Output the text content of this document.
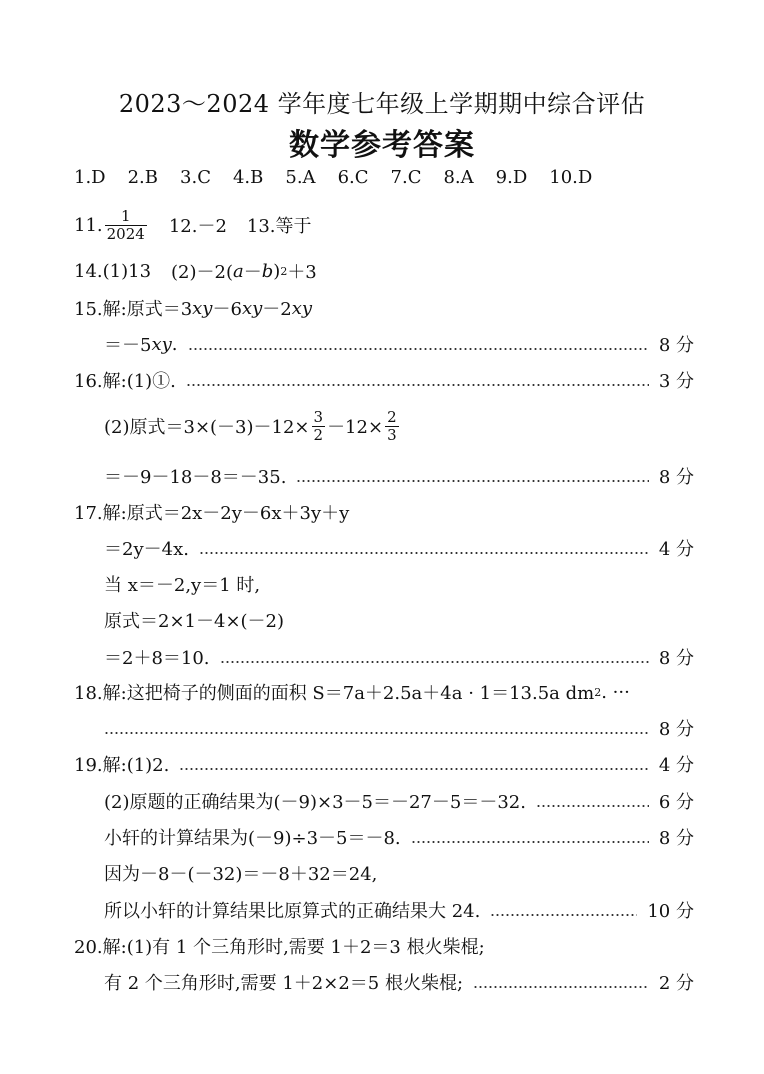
2023～2024 学年度七年级上学期期中综合评估
数学参考答案
1.D 2.B 3.C 4.B 5.A 6.C 7.C 8.A 9.D 10.D
11. $\frac{1}{2024} 12.-2$ 13.等于
14.(1)13 (2)－2( a － b ) 2 ＋3
15.解:原式＝3 xy －6 xy －2 xy
＝－5 xy .	8 分
16.解:(1)①.	3 分
(2)原式$=3\times(-3)-12\times \frac{3}{2} -12\times \frac{2}{3}$
＝－9－18－8＝－35.	8 分
17.解:原式＝2x－2y－6x＋3y＋y
＝2y－4x.	4 分
当 x＝－2,y＝1 时,
原式＝2×1－4×(－2)
＝2＋8＝10.	8 分
18.解:这把椅子的侧面的面积 S＝7a＋2.5a＋4a · 1＝13.5a dm 2 . ···
8 分
19.解:(1)2.	4 分
(2)原题的正确结果为(－9)×3－5＝－27－5＝－32.	6 分
小轩的计算结果为(－9)÷3－5＝－8.	8 分
因为－8－(－32)＝－8＋32＝24,
所以小轩的计算结果比原算式的正确结果大 24.	10 分
20.解:(1)有 1 个三角形时,需要 1＋2＝3 根火柴棍;
有 2 个三角形时,需要 1＋2×2＝5 根火柴棍;	2 分
